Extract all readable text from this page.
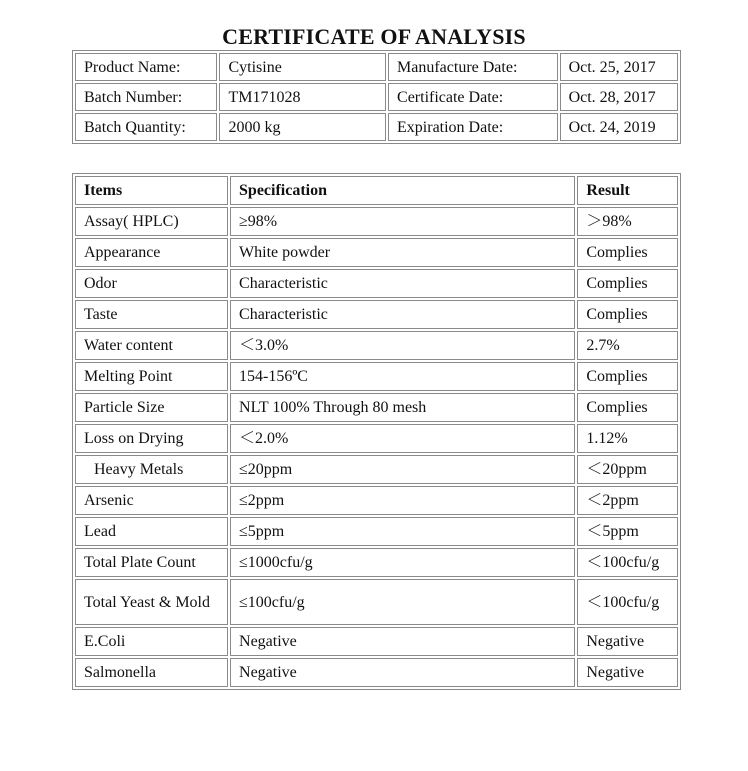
CERTIFICATE OF ANALYSIS
Product Name:	Cytisine	Manufacture Date:	Oct. 25, 2017
Batch Number:	TM171028	Certificate Date:	Oct. 28, 2017
Batch Quantity:	2000 kg	Expiration Date:	Oct. 24, 2019
Items	Specification	Result
Assay( HPLC)	≥98%	＞98%
Appearance	White powder	Complies
Odor	Characteristic	Complies
Taste	Characteristic	Complies
Water content	＜3.0%	2.7%
Melting Point	154-156ºC	Complies
Particle Size	NLT 100% Through 80 mesh	Complies
Loss on Drying	＜2.0%	1.12%
Heavy Metals	≤20ppm	＜20ppm
Arsenic	≤2ppm	＜2ppm
Lead	≤5ppm	＜5ppm
Total Plate Count	≤1000cfu/g	＜100cfu/g
Total Yeast & Mold	≤100cfu/g	＜100cfu/g
E.Coli	Negative	Negative
Salmonella	Negative	Negative
